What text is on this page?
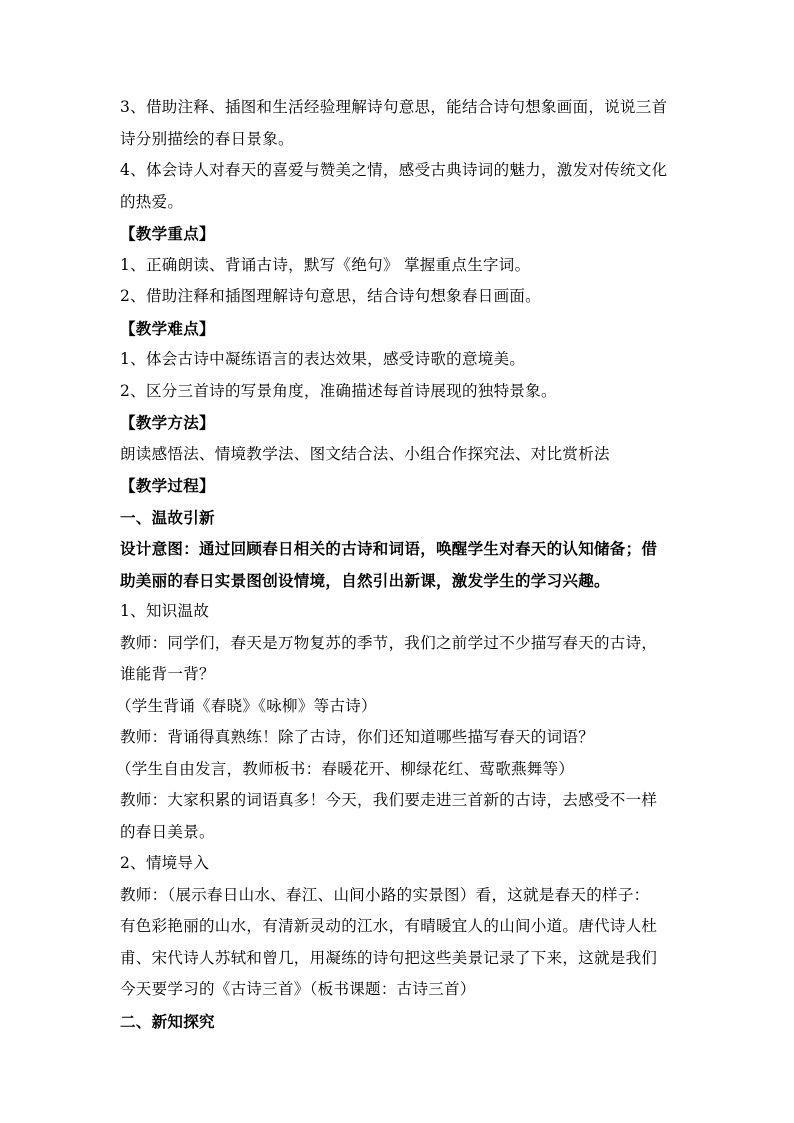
3、借助注释、插图和生活经验理解诗句意思，能结合诗句想象画面，说说三首
诗分别描绘的春日景象。
4、体会诗人对春天的喜爱与赞美之情，感受古典诗词的魅力，激发对传统文化
的热爱。
【教学重点】
1、正确朗读、背诵古诗，默写《绝句》 掌握重点生字词。
2、借助注释和插图理解诗句意思，结合诗句想象春日画面。
【教学难点】
1、体会古诗中凝练语言的表达效果，感受诗歌的意境美。
2、区分三首诗的写景角度，准确描述每首诗展现的独特景象。
【教学方法】
朗读感悟法、情境教学法、图文结合法、小组合作探究法、对比赏析法
【教学过程】
一、温故引新
设计意图：通过回顾春日相关的古诗和词语，唤醒学生对春天的认知储备；借
助美丽的春日实景图创设情境，自然引出新课，激发学生的学习兴趣。
1、知识温故
教师：同学们，春天是万物复苏的季节，我们之前学过不少描写春天的古诗，
谁能背一背？
（学生背诵《春晓》《咏柳》等古诗）
教师：背诵得真熟练！除了古诗，你们还知道哪些描写春天的词语？
（学生自由发言，教师板书：春暖花开、柳绿花红、莺歌燕舞等）
教师：大家积累的词语真多！今天，我们要走进三首新的古诗，去感受不一样
的春日美景。
2、情境导入
教师：（展示春日山水、春江、山间小路的实景图）看，这就是春天的样子：
有色彩艳丽的山水，有清新灵动的江水，有晴暖宜人的山间小道。唐代诗人杜
甫、宋代诗人苏轼和曾几，用凝练的诗句把这些美景记录了下来，这就是我们
今天要学习的《古诗三首》（板书课题：古诗三首）
二、新知探究
